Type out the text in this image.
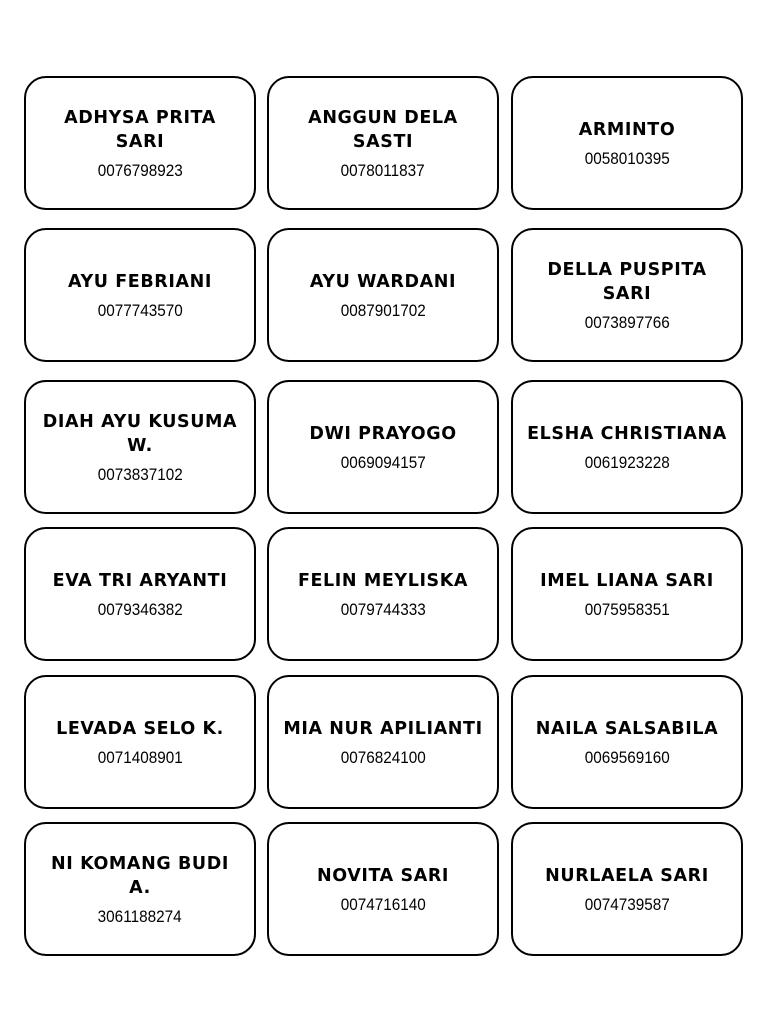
ADHYSA PRITA SARI
0076798923
ANGGUN DELA SASTI
0078011837
ARMINTO
0058010395
AYU FEBRIANI
0077743570
AYU WARDANI
0087901702
DELLA PUSPITA SARI
0073897766
DIAH AYU KUSUMA W.
0073837102
DWI PRAYOGO
0069094157
ELSHA CHRISTIANA
0061923228
EVA TRI ARYANTI
0079346382
FELIN MEYLISKA
0079744333
IMEL LIANA SARI
0075958351
LEVADA SELO K.
0071408901
MIA NUR APILIANTI
0076824100
NAILA SALSABILA
0069569160
NI KOMANG BUDI A.
3061188274
NOVITA SARI
0074716140
NURLAELA SARI
0074739587
